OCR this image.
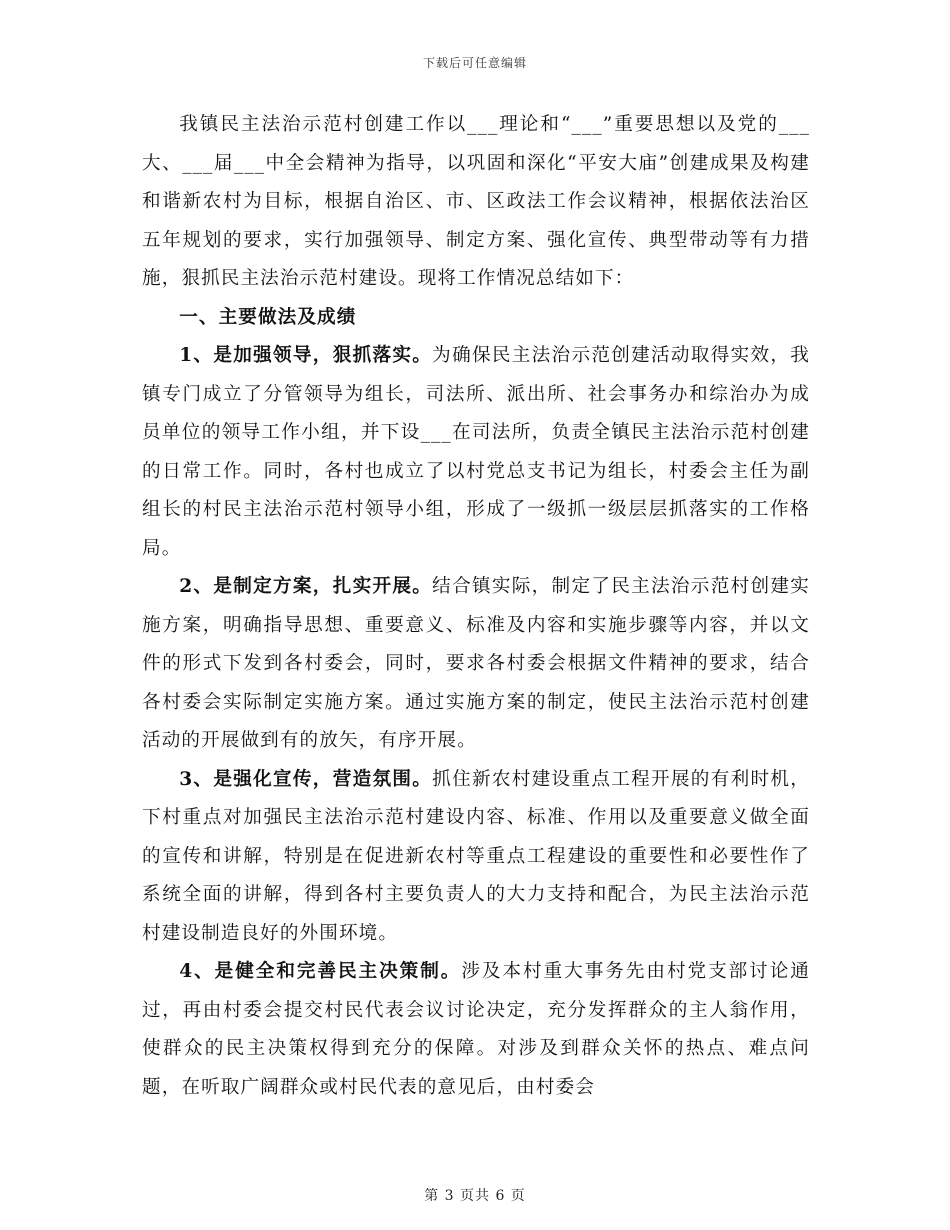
下载后可任意编辑

我镇民主法治示范村创建工作以___理论和“___”重要思想以及党的___大、___届___中全会精神为指导，以巩固和深化“平安大庙”创建成果及构建和谐新农村为目标，根据自治区、市、区政法工作会议精神，根据依法治区五年规划的要求，实行加强领导、制定方案、强化宣传、典型带动等有力措施，狠抓民主法治示范村建设。现将工作情况总结如下：

一、主要做法及成绩

1、是加强领导，狠抓落实。为确保民主法治示范创建活动取得实效，我镇专门成立了分管领导为组长，司法所、派出所、社会事务办和综治办为成员单位的领导工作小组，并下设___在司法所，负责全镇民主法治示范村创建的日常工作。同时，各村也成立了以村党总支书记为组长，村委会主任为副组长的村民主法治示范村领导小组，形成了一级抓一级层层抓落实的工作格局。

2、是制定方案，扎实开展。结合镇实际，制定了民主法治示范村创建实施方案，明确指导思想、重要意义、标准及内容和实施步骤等内容，并以文件的形式下发到各村委会，同时，要求各村委会根据文件精神的要求，结合各村委会实际制定实施方案。通过实施方案的制定，使民主法治示范村创建活动的开展做到有的放矢，有序开展。

3、是强化宣传，营造氛围。抓住新农村建设重点工程开展的有利时机，下村重点对加强民主法治示范村建设内容、标准、作用以及重要意义做全面的宣传和讲解，特别是在促进新农村等重点工程建设的重要性和必要性作了系统全面的讲解，得到各村主要负责人的大力支持和配合，为民主法治示范村建设制造良好的外围环境。

4、是健全和完善民主决策制。涉及本村重大事务先由村党支部讨论通过，再由村委会提交村民代表会议讨论决定，充分发挥群众的主人翁作用，使群众的民主决策权得到充分的保障。对涉及到群众关怀的热点、难点问题，在听取广阔群众或村民代表的意见后，由村委会

第 3 页共 6 页
